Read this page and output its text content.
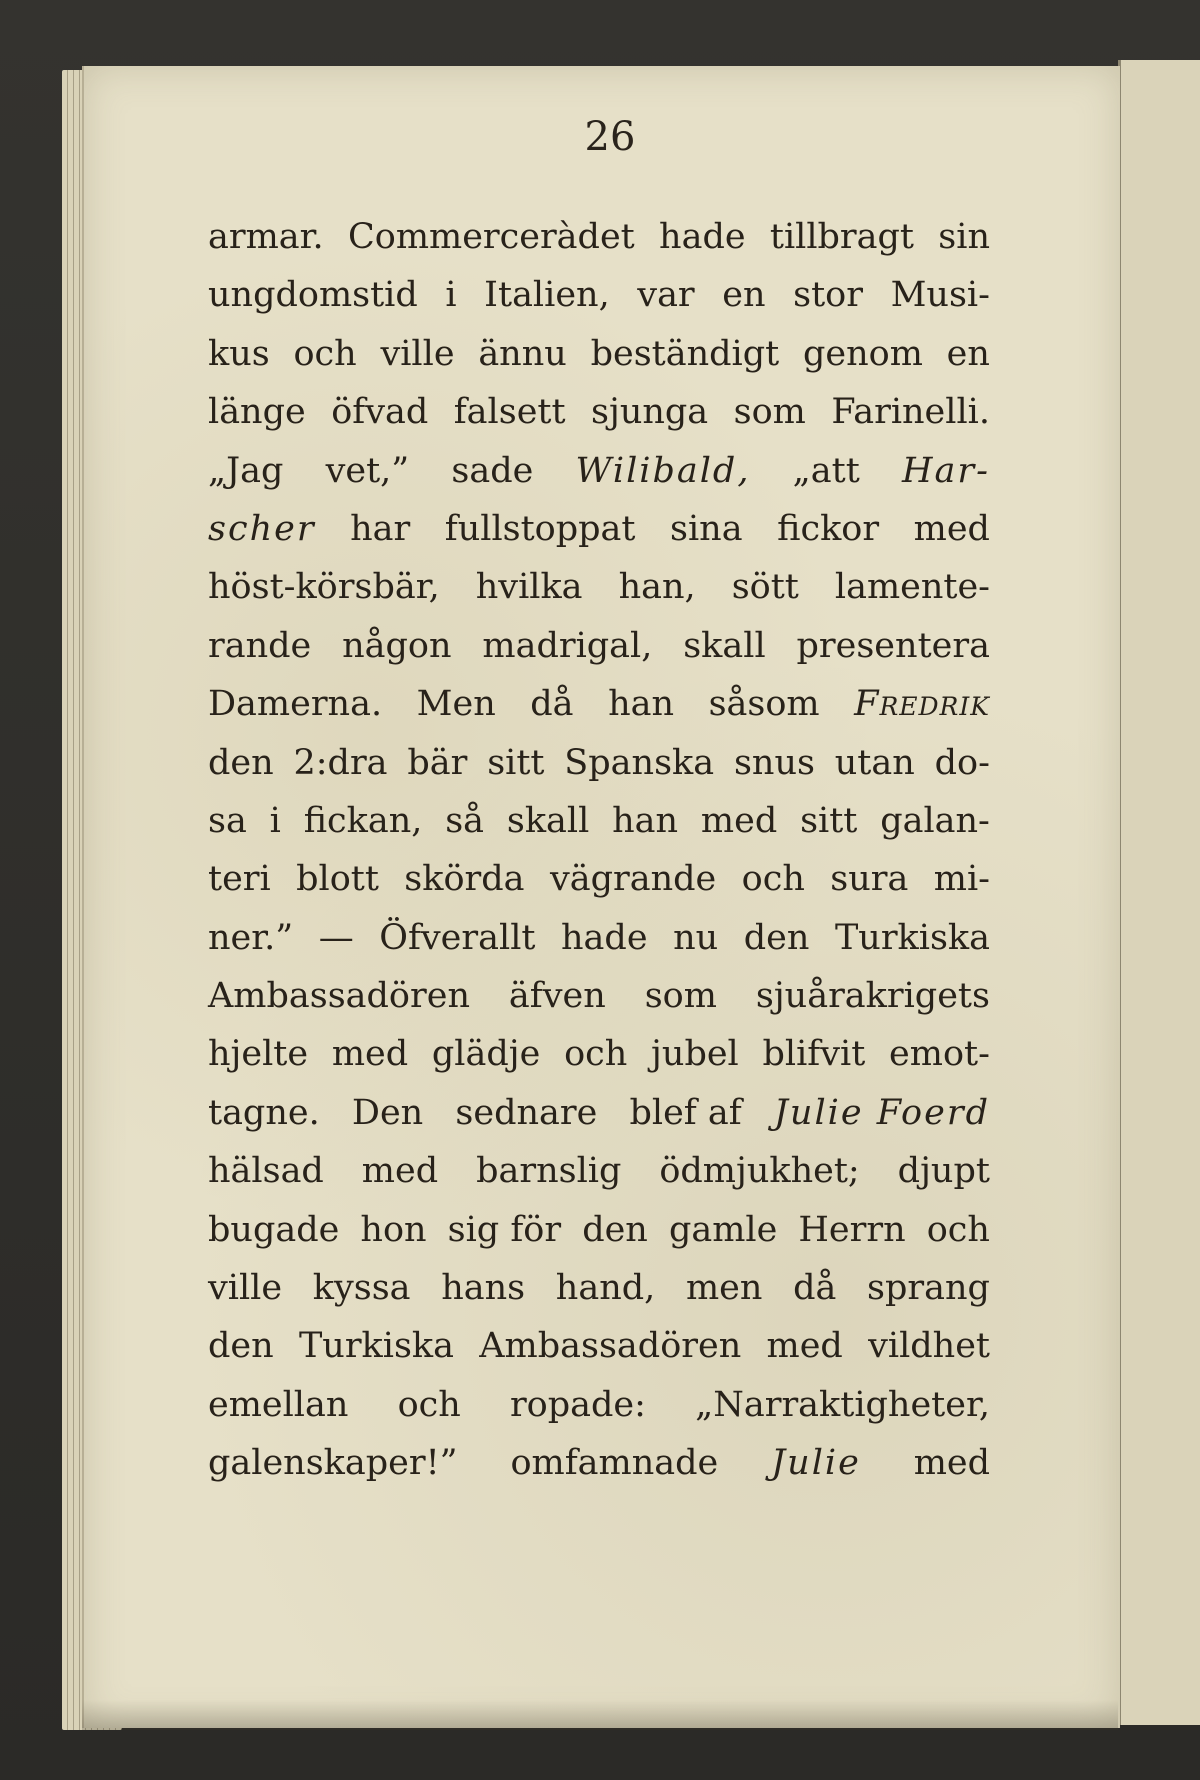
26
armar. Commerceràdet hade tillbragt sin
ungdomstid i Italien, var en stor Musi-
kus och ville ännu beständigt genom en
länge öfvad falsett sjunga som Farinelli.
„Jag vet,” sade Wilibald, „att Har-
scher har fullstoppat sina fickor med
höst-körsbär, hvilka han, sött lamente-
rande någon madrigal, skall presentera
Damerna. Men då han såsom Fredrik
den 2:dra bär sitt Spanska snus utan do-
sa i fickan, så skall han med sitt galan-
teri blott skörda vägrande och sura mi-
ner.” — Öfverallt hade nu den Turkiska
Ambassadören äfven som sjuårakrigets
hjelte med glädje och jubel blifvit emot-
tagne. Den sednare blef af Julie Foerd
hälsad med barnslig ödmjukhet; djupt
bugade hon sig för den gamle Herrn och
ville kyssa hans hand, men då sprang
den Turkiska Ambassadören med vildhet
emellan och ropade: „Narraktigheter,
galenskaper!” omfamnade Julie med
